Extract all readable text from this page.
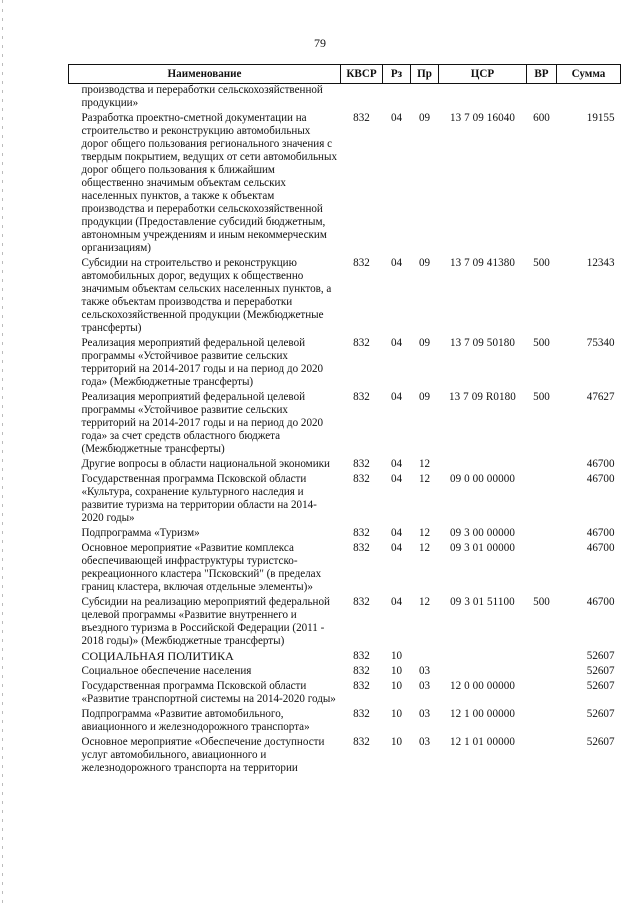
79
Наименование	КВСР	Рз	Пр	ЦСР	ВР	Сумма
производства и переработки сельскохозяйственной продукции»						
Разработка проектно-сметной документации на строительство и реконструкцию автомобильных дорог общего пользования регионального значения с твердым покрытием, ведущих от сети автомобильных дорог общего пользования к ближайшим общественно значимым объектам сельских населенных пунктов, а также к объектам производства и переработки сельскохозяйственной продукции (Предоставление субсидий бюджетным, автономным учреждениям и иным некоммерческим организациям)	832	04	09	13 7 09 16040	600	19155
Субсидии на строительство и реконструкцию автомобильных дорог, ведущих к общественно значимым объектам сельских населенных пунктов, а также объектам производства и переработки сельскохозяйственной продукции (Межбюджетные трансферты)	832	04	09	13 7 09 41380	500	12343
Реализация мероприятий федеральной целевой программы «Устойчивое развитие сельских территорий на 2014-2017 годы и на период до 2020 года» (Межбюджетные трансферты)	832	04	09	13 7 09 50180	500	75340
Реализация мероприятий федеральной целевой программы «Устойчивое развитие сельских территорий на 2014-2017 годы и на период до 2020 года» за счет средств областного бюджета (Межбюджетные трансферты)	832	04	09	13 7 09 R0180	500	47627
Другие вопросы в области национальной экономики	832	04	12			46700
Государственная программа Псковской области «Культура, сохранение культурного наследия и развитие туризма на территории области на 2014-2020 годы»	832	04	12	09 0 00 00000		46700
Подпрограмма «Туризм»	832	04	12	09 3 00 00000		46700
Основное мероприятие «Развитие комплекса обеспечивающей инфраструктуры туристско-рекреационного кластера "Псковский" (в пределах границ кластера, включая отдельные элементы)»	832	04	12	09 3 01 00000		46700
Субсидии на реализацию мероприятий федеральной целевой программы «Развитие внутреннего и въездного туризма в Российской Федерации (2011 - 2018 годы)» (Межбюджетные трансферты)	832	04	12	09 3 01 51100	500	46700
СОЦИАЛЬНАЯ ПОЛИТИКА	832	10				52607
Социальное обеспечение населения	832	10	03			52607
Государственная программа Псковской области «Развитие транспортной системы на 2014-2020 годы»	832	10	03	12 0 00 00000		52607
Подпрограмма «Развитие автомобильного, авиационного и железнодорожного транспорта»	832	10	03	12 1 00 00000		52607
Основное мероприятие «Обеспечение доступности услуг автомобильного, авиационного и железнодорожного транспорта на территории	832	10	03	12 1 01 00000		52607
